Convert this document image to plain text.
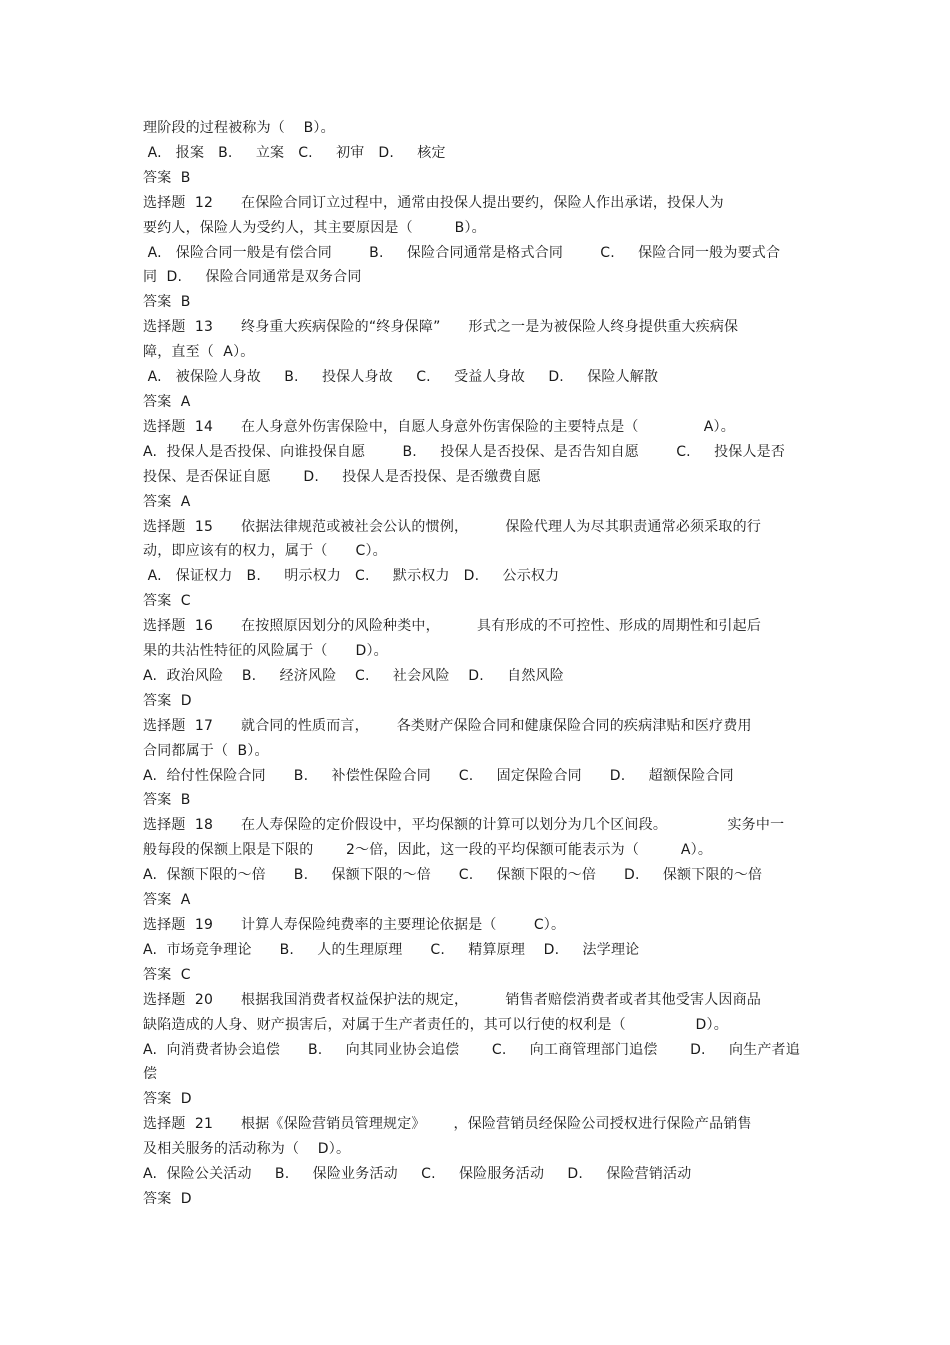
理阶段的过程被称为（    B）。
A.   报案   B.     立案   C.     初审   D.     核定
答案  B
选择题  12      在保险合同订立过程中，通常由投保人提出要约，保险人作出承诺，投保人为
要约人，保险人为受约人，其主要原因是（         B）。
A.   保险合同一般是有偿合同        B.     保险合同通常是格式合同        C.     保险合同一般为要式合
同  D.     保险合同通常是双务合同
答案  B
选择题  13      终身重大疾病保险的“终身保障”      形式之一是为被保险人终身提供重大疾病保
障，直至（  A）。
A.   被保险人身故     B.     投保人身故     C.     受益人身故     D.     保险人解散
答案  A
选择题  14      在人身意外伤害保险中，自愿人身意外伤害保险的主要特点是（              A）。
A.  投保人是否投保、向谁投保自愿        B.     投保人是否投保、是否告知自愿        C.     投保人是否
投保、是否保证自愿       D.     投保人是否投保、是否缴费自愿
答案  A
选择题  15      依据法律规范或被社会公认的惯例，        保险代理人为尽其职责通常必须采取的行
动，即应该有的权力，属于（      C）。
A.   保证权力   B.     明示权力   C.     默示权力   D.     公示权力
答案  C
选择题  16      在按照原因划分的风险种类中，        具有形成的不可控性、形成的周期性和引起后
果的共沾性特征的风险属于（      D）。
A.  政治风险    B.     经济风险    C.     社会风险    D.     自然风险
答案  D
选择题  17      就合同的性质而言，      各类财产保险合同和健康保险合同的疾病津贴和医疗费用
合同都属于（  B）。
A.  给付性保险合同      B.     补偿性保险合同      C.     固定保险合同      D.     超额保险合同
答案  B
选择题  18      在人寿保险的定价假设中，平均保额的计算可以划分为几个区间段。             实务中一
般每段的保额上限是下限的       2～倍，因此，这一段的平均保额可能表示为（         A）。
A.  保额下限的～倍      B.     保额下限的～倍      C.     保额下限的～倍      D.     保额下限的～倍
答案  A
选择题  19      计算人寿保险纯费率的主要理论依据是（        C）。
A.  市场竞争理论      B.     人的生理原理      C.     精算原理    D.     法学理论
答案  C
选择题  20      根据我国消费者权益保护法的规定，        销售者赔偿消费者或者其他受害人因商品
缺陷造成的人身、财产损害后，对属于生产者责任的，其可以行使的权利是（               D）。
A.  向消费者协会追偿      B.     向其同业协会追偿       C.     向工商管理部门追偿       D.     向生产者追
偿
答案  D
选择题  21      根据《保险营销员管理规定》      ，保险营销员经保险公司授权进行保险产品销售
及相关服务的活动称为（    D）。
A.  保险公关活动     B.     保险业务活动     C.     保险服务活动     D.     保险营销活动
答案  D
